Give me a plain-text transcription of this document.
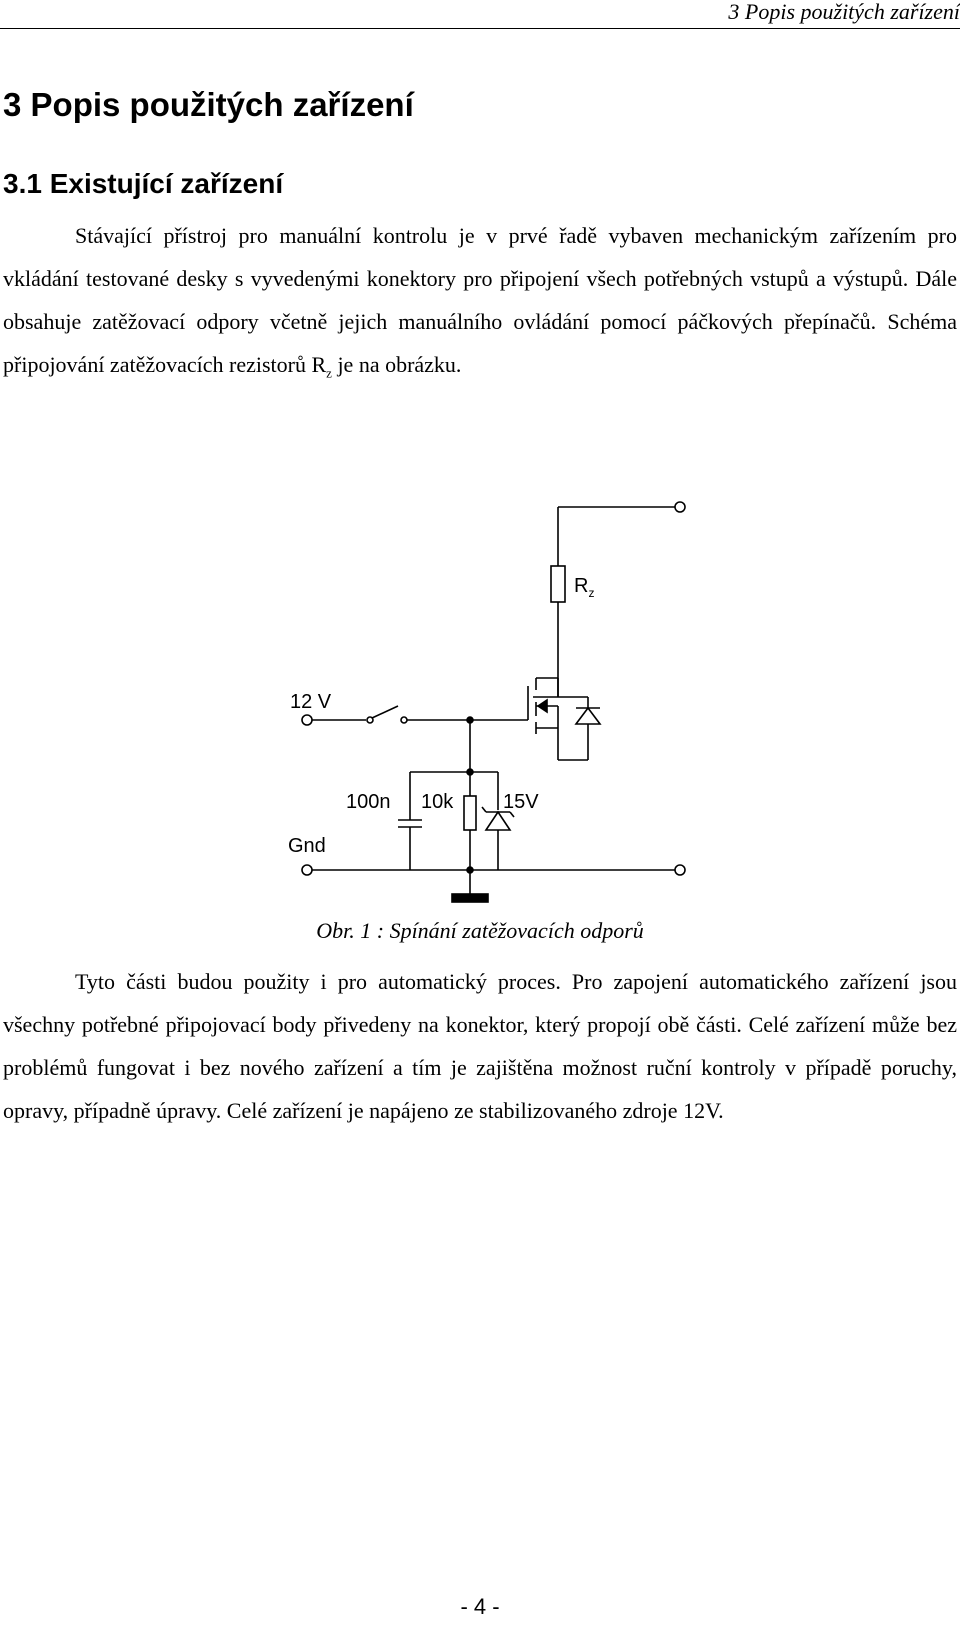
3 Popis použitých zařízení
3 Popis použitých zařízení
3.1 Existující zařízení

Stávající přístroj pro manuální kontrolu je v prvé řadě vybaven mechanickým zařízením pro vkládání testované desky s vyvedenými konektory pro připojení všech potřebných vstupů a výstupů. Dále obsahuje zatěžovací odpory včetně jejich manuálního ovládání pomocí páčkových přepínačů. Schéma připojování zatěžovacích rezistorů $R_z$ je na obrázku.

$R_z$
12 V
100n 10k 15V
Gnd
Obr. 1 : Spínání zatěžovacích odporů

Tyto části budou použity i pro automatický proces. Pro zapojení automatického zařízení jsou všechny potřebné připojovací body přivedeny na konektor, který propojí obě části. Celé zařízení může bez problémů fungovat i bez nového zařízení a tím je zajištěna možnost ruční kontroly v případě poruchy, opravy, případně úpravy. Celé zařízení je napájeno ze stabilizovaného zdroje 12V.

- 4 -
